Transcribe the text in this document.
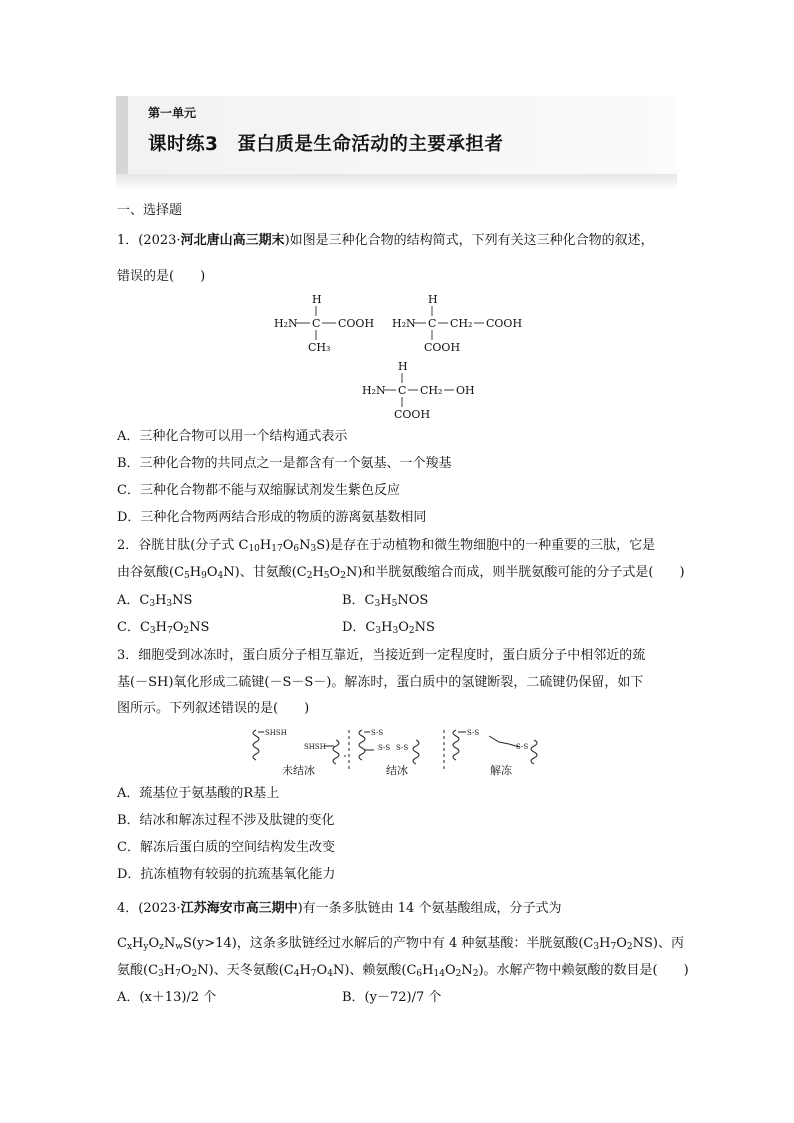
第一单元
课时练3　蛋白质是生命活动的主要承担者
一、选择题
1．(2023·河北唐山高三期末)如图是三种化合物的结构简式，下列有关这三种化合物的叙述，
错误的是(　　)
H
H₂N C COOH
CH₃
H
H₂N C CH₂ COOH
COOH
H
H₂N C CH₂ OH
COOH
A．三种化合物可以用一个结构通式表示
B．三种化合物的共同点之一是都含有一个氨基、一个羧基
C．三种化合物都不能与双缩脲试剂发生紫色反应
D．三种化合物两两结合形成的物质的游离氨基数相同
2．谷胱甘肽(分子式 $C_{10}H_{17}O_6N_3S$)是存在于动植物和微生物细胞中的一种重要的三肽，它是
由谷氨酸$(C_5H_9O_4N)$、甘氨酸$(C_2H_5O_2N)$和半胱氨酸缩合而成，则半胱氨酸可能的分子式是(　　)
A．$C_3H_3NS$	B．$C_3H_5NOS$
C．$C_3H_7O_2NS$	D．$C_3H_3O_2NS$
3．细胞受到冰冻时，蛋白质分子相互靠近，当接近到一定程度时，蛋白质分子中相邻近的巯
基(－SH)氧化形成二硫键(－S－S－)。解冻时，蛋白质中的氢键断裂，二硫键仍保留，如下
图所示。下列叙述错误的是(　　)
SHSH
SHSH
S-S
S-S S-S
S-S
S-S
未结冰	结冰	解冻
A．巯基位于氨基酸的R基上
B．结冰和解冻过程不涉及肽键的变化
C．解冻后蛋白质的空间结构发生改变
D．抗冻植物有较弱的抗巯基氧化能力
4．(2023·江苏海安市高三期中)有一条多肽链由 14 个氨基酸组成，分子式为
$C_xH_yO_zN_wS(y>14)$，这条多肽链经过水解后的产物中有 4 种氨基酸：半胱氨酸$(C_3H_7O_2NS)$、丙
氨酸$(C_3H_7O_2N)$、天冬氨酸$(C_4H_7O_4N)$、赖氨酸$(C_6H_{14}O_2N_2)$。水解产物中赖氨酸的数目是(　　)
A．(x＋13)/2 个	B．(y－72)/7 个
